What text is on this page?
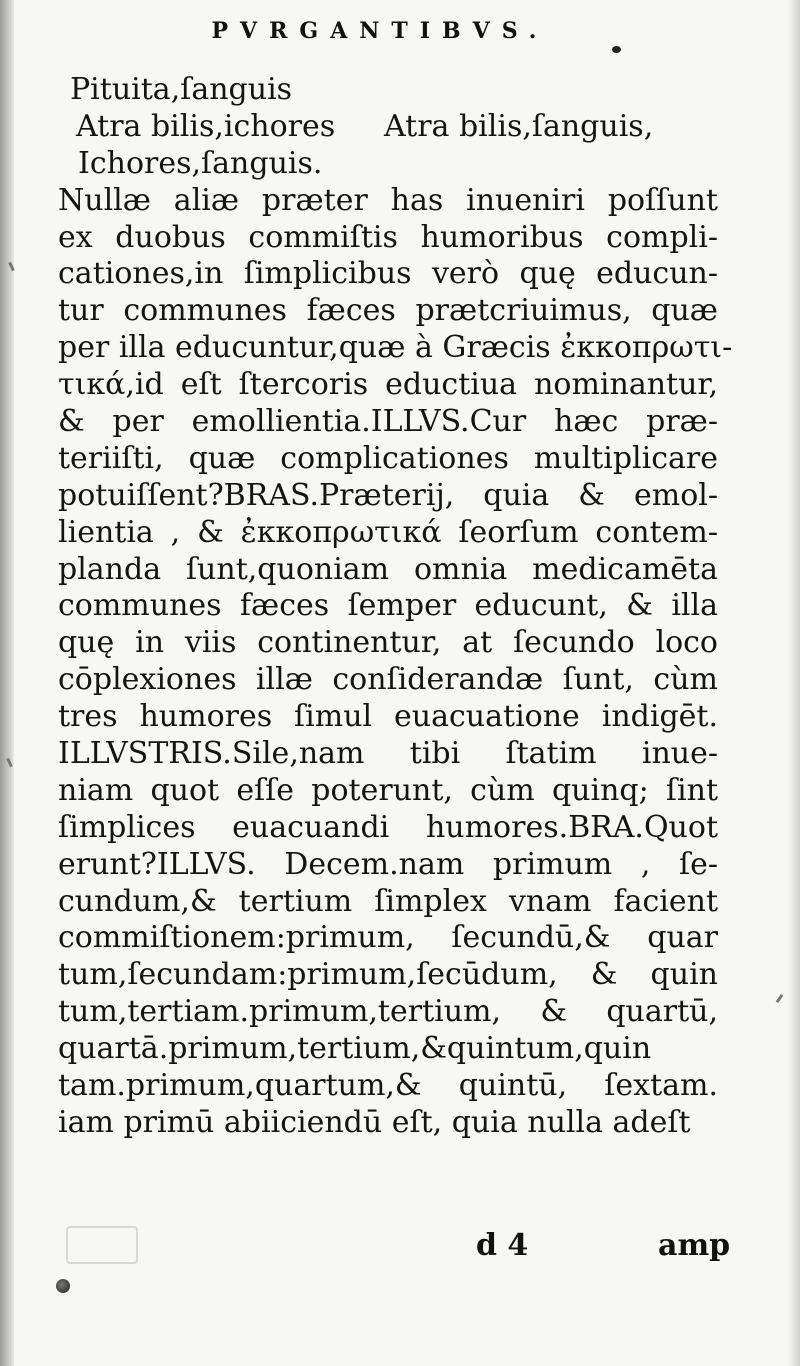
PVRGANTIBVS.
Pituita,ſanguis
Atra bilis,ichores Atra bilis,ſanguis,
Ichores,ſanguis.
Nullæ aliæ præter has inueniri poſſunt
ex duobus commiſtis humoribus compli-
cationes,in ſimplicibus verò quę educun-
tur communes fæces prætcriuimus, quæ
per illa educuntur,quæ à Græcis ἐκκοπρωτι-
τικά,id eſt ſtercoris eductiua nominantur,
& per emollientia.ILLVS.Cur hæc præ-
teriiſti, quæ complicationes multiplicare
potuiſſent?BRAS.Præterij, quia & emol-
lientia , & ἐκκοπρωτικά ſeorſum contem-
planda ſunt,quoniam omnia medicamēta
communes fæces ſemper educunt, & illa
quę in viis continentur, at ſecundo loco
cōplexiones illæ conſiderandæ ſunt, cùm
tres humores ſimul euacuatione indigēt.
ILLVSTRIS.Sile,nam tibi ſtatim inue-
niam quot eſſe poterunt, cùm quinq; ſint
ſimplices euacuandi humores.BRA.Quot
erunt?ILLVS. Decem.nam primum , ſe-
cundum,& tertium ſimplex vnam facient
commiſtionem:primum, ſecundū,& quar
tum,ſecundam:primum,ſecūdum, & quin
tum,tertiam.primum,tertium, & quartū,
quartā.primum,tertium,&quintum,quin
tam.primum,quartum,& quintū, ſextam.
iam primū abiiciendū eſt, quia nulla adeſt
d 4	amp
